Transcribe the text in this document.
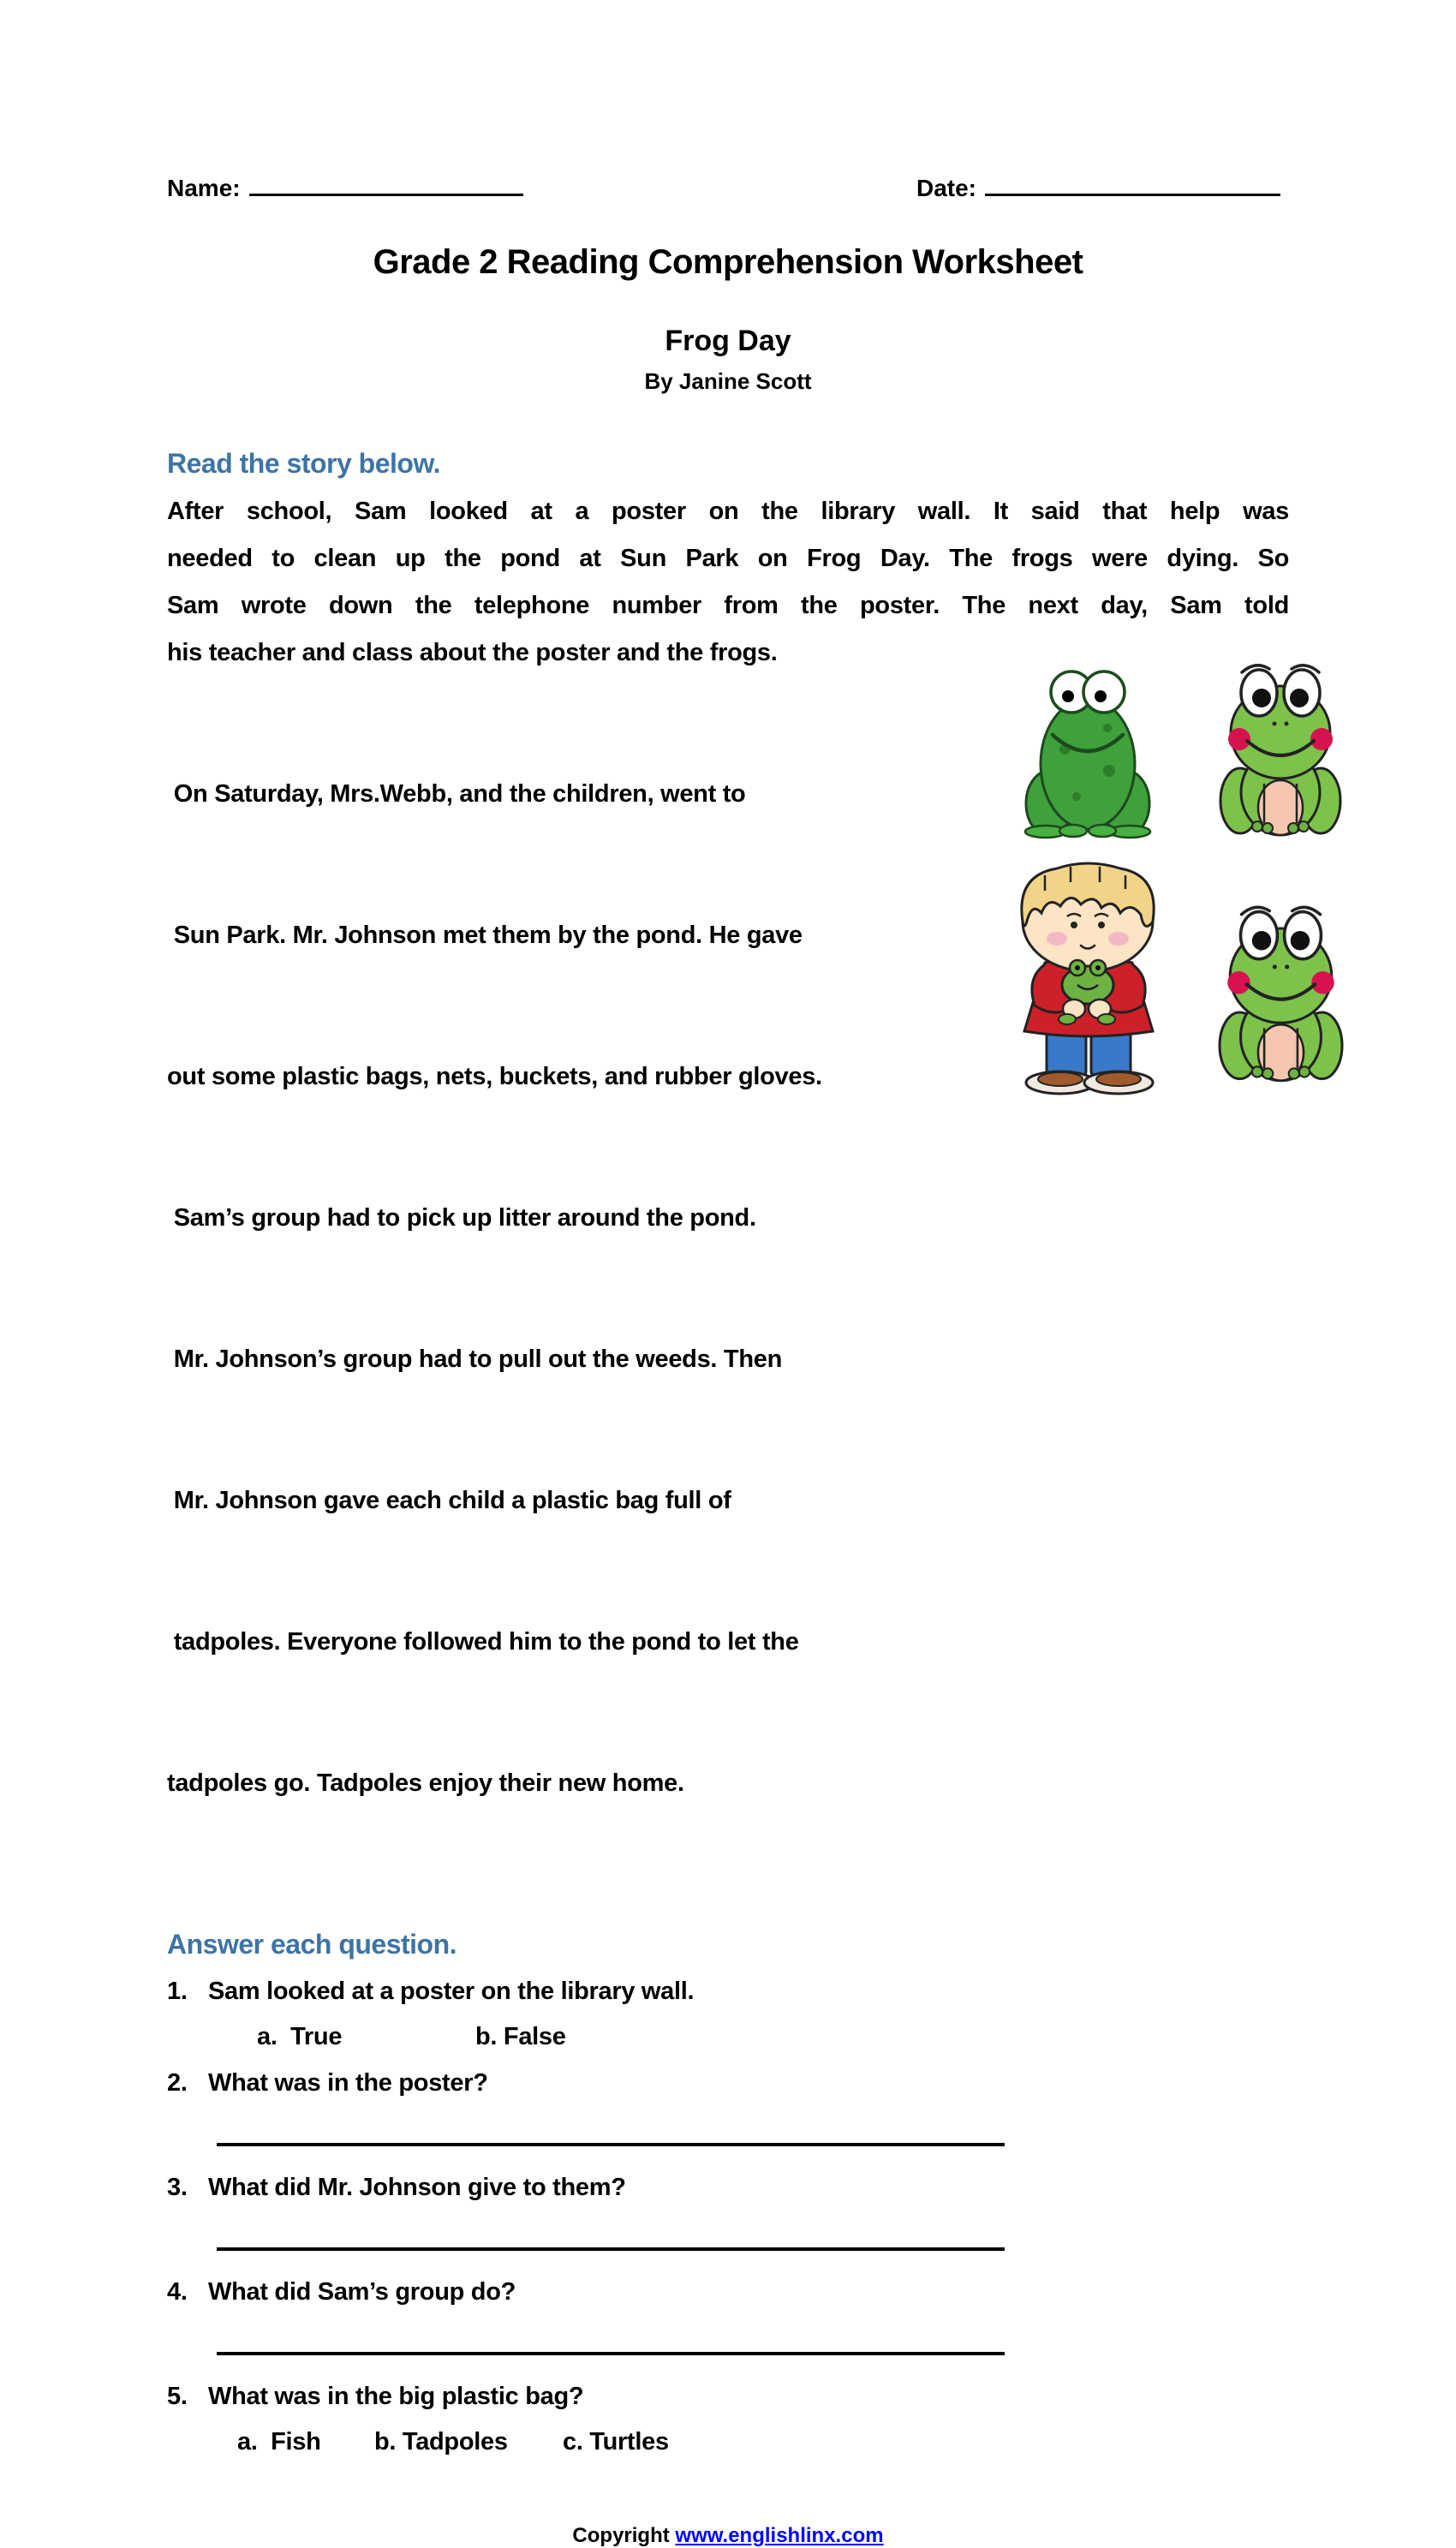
Name:	Date:
Grade 2 Reading Comprehension Worksheet
Frog Day
By Janine Scott
Read the story below.
After school, Sam looked at a poster on the library wall. It said that help was
needed to clean up the pond at Sun Park on Frog Day. The frogs were dying. So
Sam wrote down the telephone number from the poster. The next day, Sam told
his teacher and class about the poster and the frogs.

On Saturday, Mrs.Webb, and the children, went to

Sun Park. Mr. Johnson met them by the pond. He gave

out some plastic bags, nets, buckets, and rubber gloves.

Sam’s group had to pick up litter around the pond.

Mr. Johnson’s group had to pull out the weeds. Then

Mr. Johnson gave each child a plastic bag full of

tadpoles. Everyone followed him to the pond to let the

tadpoles go. Tadpoles enjoy their new home.

Answer each question.
1. Sam looked at a poster on the library wall.
a.  True	b. False
2. What was in the poster?
3. What did Mr. Johnson give to them?
4. What did Sam’s group do?
5. What was in the big plastic bag?
a.  Fish	b. Tadpoles	c. Turtles
Copyright www.englishlinx.com
